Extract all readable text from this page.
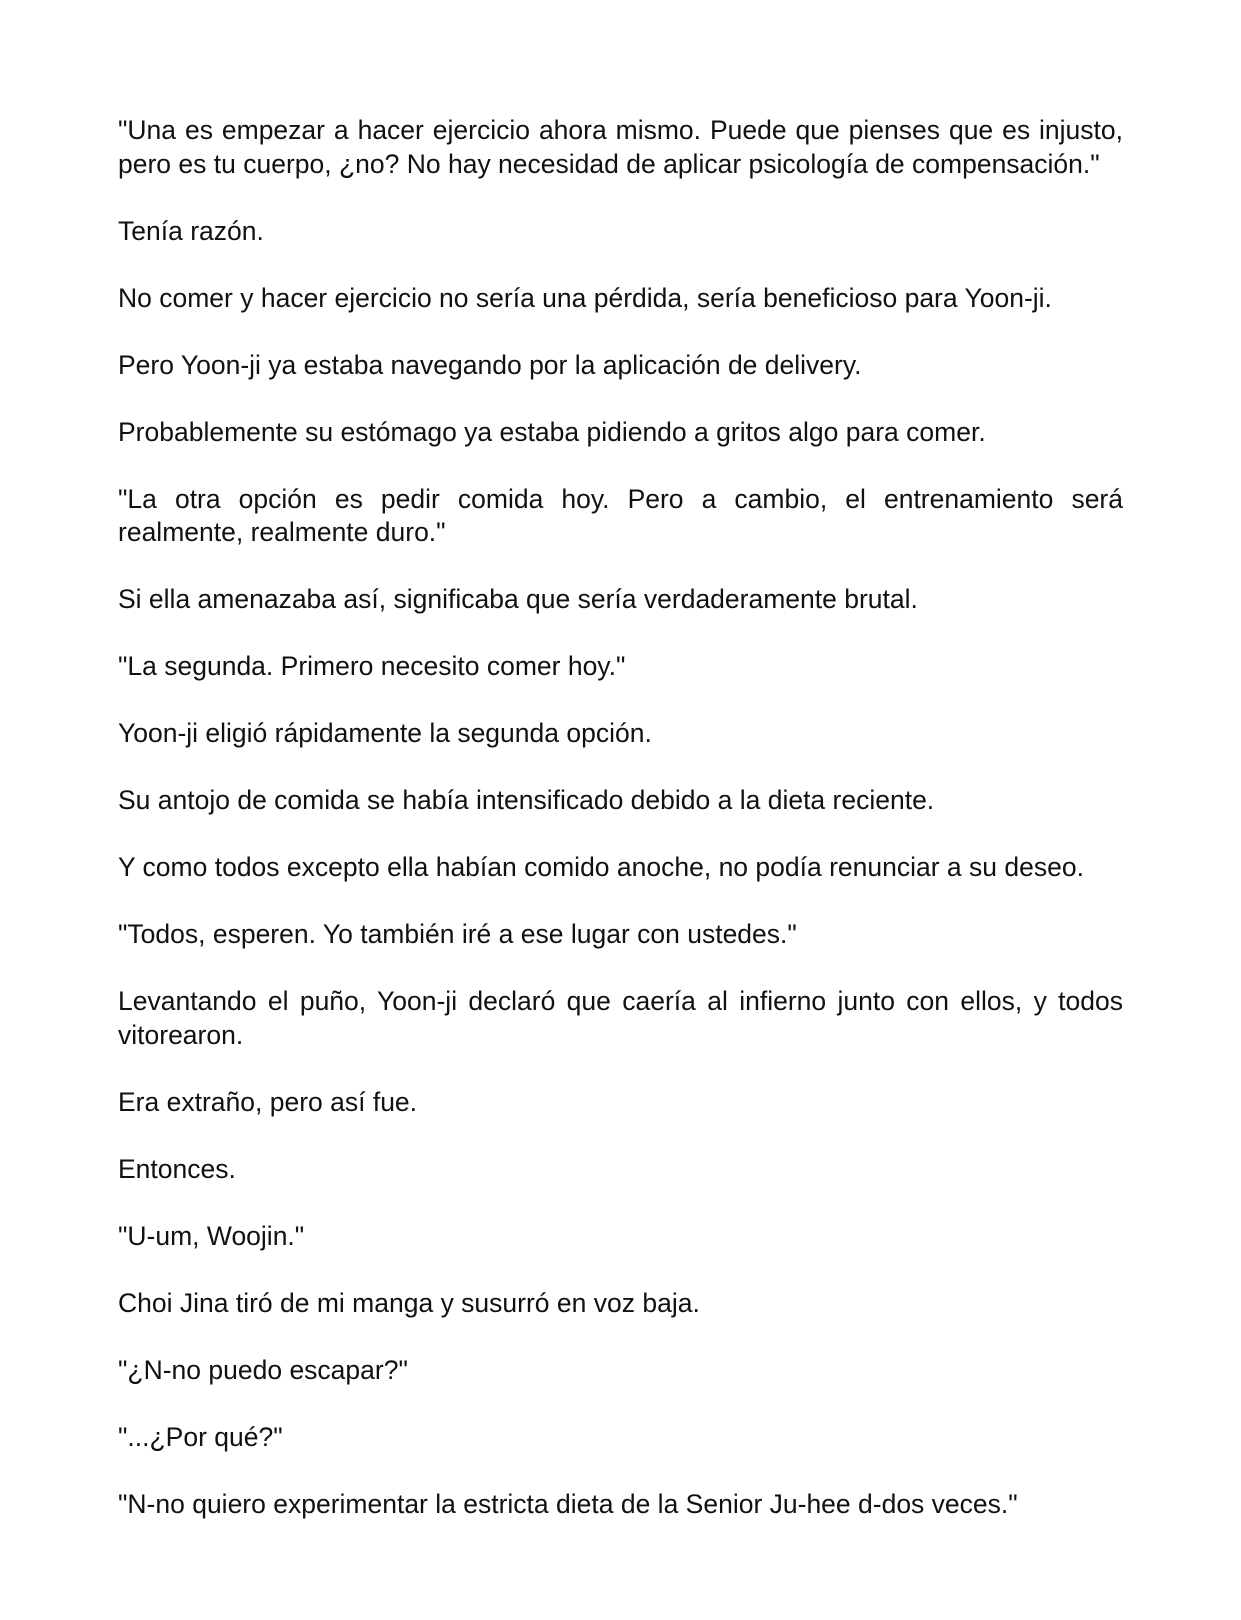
"Una es empezar a hacer ejercicio ahora mismo. Puede que pienses que es injusto, pero es tu cuerpo, ¿no? No hay necesidad de aplicar psicología de compensación."

Tenía razón.

No comer y hacer ejercicio no sería una pérdida, sería beneficioso para Yoon-ji.

Pero Yoon-ji ya estaba navegando por la aplicación de delivery.

Probablemente su estómago ya estaba pidiendo a gritos algo para comer.

"La otra opción es pedir comida hoy. Pero a cambio, el entrenamiento será realmente, realmente duro."

Si ella amenazaba así, significaba que sería verdaderamente brutal.

"La segunda. Primero necesito comer hoy."

Yoon-ji eligió rápidamente la segunda opción.

Su antojo de comida se había intensificado debido a la dieta reciente.

Y como todos excepto ella habían comido anoche, no podía renunciar a su deseo.

"Todos, esperen. Yo también iré a ese lugar con ustedes."

Levantando el puño, Yoon-ji declaró que caería al infierno junto con ellos, y todos vitorearon.

Era extraño, pero así fue.

Entonces.

"U-um, Woojin."

Choi Jina tiró de mi manga y susurró en voz baja.

"¿N-no puedo escapar?"

"...¿Por qué?"

"N-no quiero experimentar la estricta dieta de la Senior Ju-hee d-dos veces."
